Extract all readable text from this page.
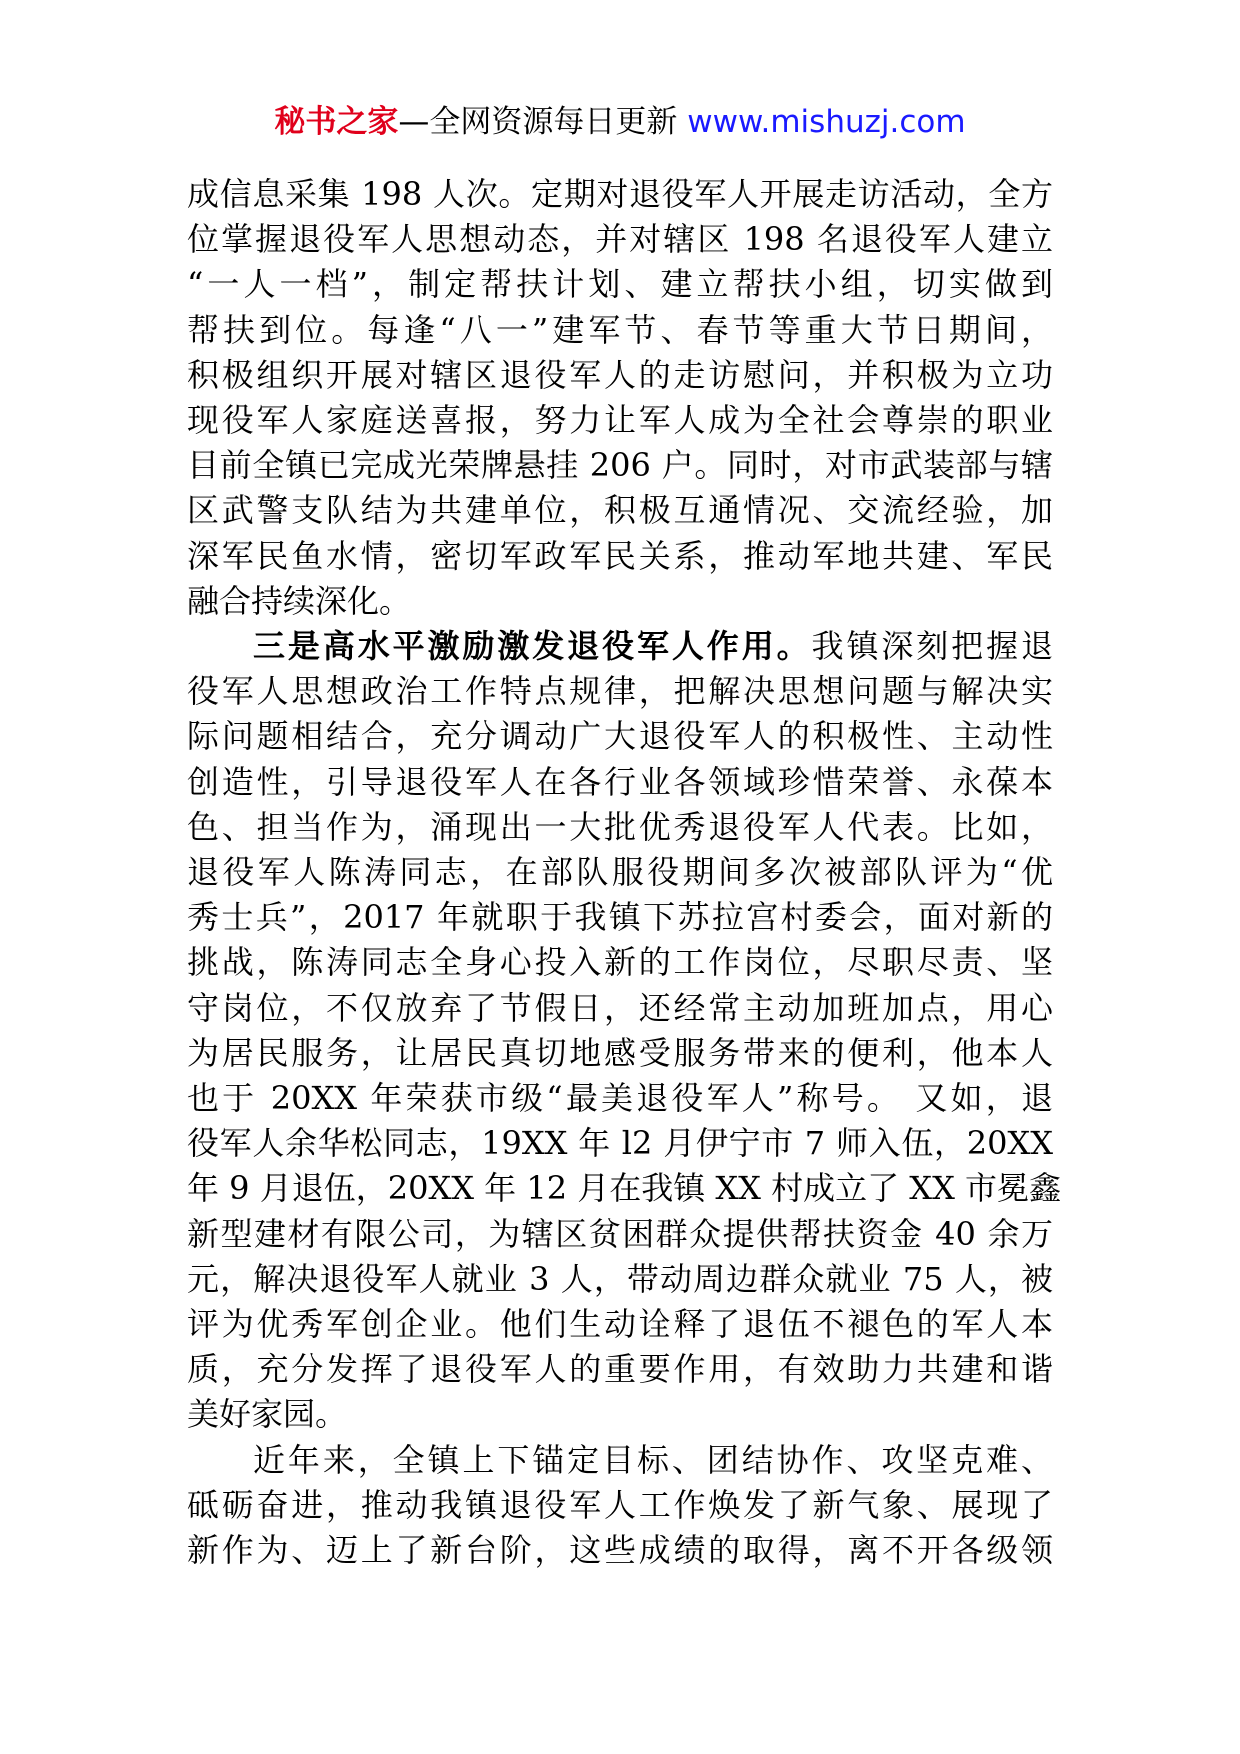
秘书之家—全网资源每日更新 www.mishuzj.com
成信息采集 198 人次。定期对退役军人开展走访活动，全方
位掌握退役军人思想动态，并对辖区 198 名退役军人建立
“一人一档”，制定帮扶计划、建立帮扶小组，切实做到
帮扶到位。每逢“八一”建军节、春节等重大节日期间，
积极组织开展对辖区退役军人的走访慰问，并积极为立功
现役军人家庭送喜报，努力让军人成为全社会尊崇的职业
目前全镇已完成光荣牌悬挂 206 户。同时，对市武装部与辖
区武警支队结为共建单位，积极互通情况、交流经验，加
深军民鱼水情，密切军政军民关系，推动军地共建、军民
融合持续深化。
三是高水平激励激发退役军人作用。我镇深刻把握退
役军人思想政治工作特点规律，把解决思想问题与解决实
际问题相结合，充分调动广大退役军人的积极性、主动性
创造性，引导退役军人在各行业各领域珍惜荣誉、永葆本
色、担当作为，涌现出一大批优秀退役军人代表。比如，
退役军人陈涛同志，在部队服役期间多次被部队评为“优
秀士兵”，2017 年就职于我镇下苏拉宫村委会，面对新的
挑战，陈涛同志全身心投入新的工作岗位，尽职尽责、坚
守岗位，不仅放弃了节假日，还经常主动加班加点，用心
为居民服务，让居民真切地感受服务带来的便利，他本人
也于 20XX 年荣获市级“最美退役军人”称号。 又如，退
役军人余华松同志，19XX 年 l2 月伊宁市 7 师入伍，20XX
年 9 月退伍，20XX 年 12 月在我镇 XX 村成立了 XX 市冕鑫
新型建材有限公司，为辖区贫困群众提供帮扶资金 40 余万
元，解决退役军人就业 3 人，带动周边群众就业 75 人，被
评为优秀军创企业。他们生动诠释了退伍不褪色的军人本
质，充分发挥了退役军人的重要作用，有效助力共建和谐
美好家园。
近年来，全镇上下锚定目标、团结协作、攻坚克难、
砥砺奋进，推动我镇退役军人工作焕发了新气象、展现了
新作为、迈上了新台阶，这些成绩的取得，离不开各级领
